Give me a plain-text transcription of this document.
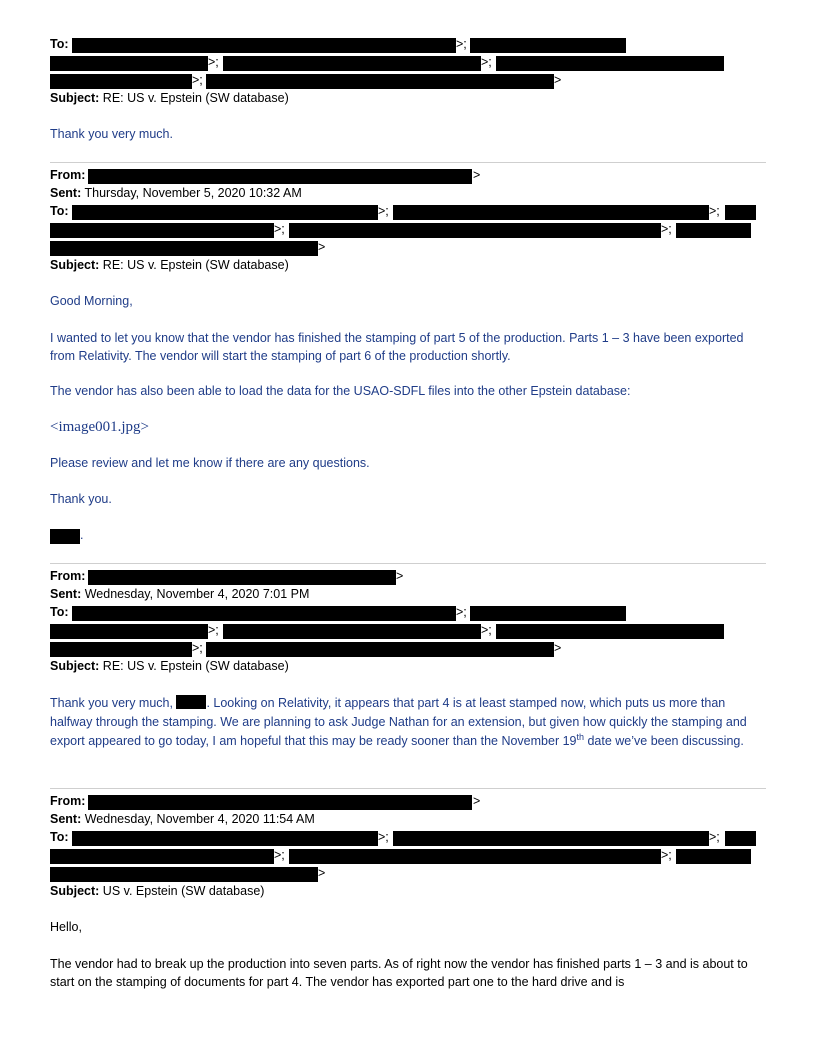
To:	>;
>;	>;
>;	>
Subject: RE: US v. Epstein (SW database)
Thank you very much.
From:	>
Sent: Thursday, November 5, 2020 10:32 AM
To:	>;	>;
>;	>;
>
Subject: RE: US v. Epstein (SW database)
Good Morning,
I wanted to let you know that the vendor has finished the stamping of part 5 of the production. Parts 1 – 3 have been exported from Relativity. The vendor will start the stamping of part 6 of the production shortly.
The vendor has also been able to load the data for the USAO-SDFL files into the other Epstein database:
<image001.jpg>
Please review and let me know if there are any questions.
Thank you.
.
From:	>
Sent: Wednesday, November 4, 2020 7:01 PM
To:	>;
>;	>;
>;	>
Subject: RE: US v. Epstein (SW database)
Thank you very much, . Looking on Relativity, it appears that part 4 is at least stamped now, which puts us more than halfway through the stamping. We are planning to ask Judge Nathan for an extension, but given how quickly the stamping and export appeared to go today, I am hopeful that this may be ready sooner than the November 19th date we’ve been discussing.
From:	>
Sent: Wednesday, November 4, 2020 11:54 AM
To:	>;	>;
>;	>;
>
Subject: US v. Epstein (SW database)
Hello,
The vendor had to break up the production into seven parts. As of right now the vendor has finished parts 1 – 3 and is about to start on the stamping of documents for part 4. The vendor has exported part one to the hard drive and is
